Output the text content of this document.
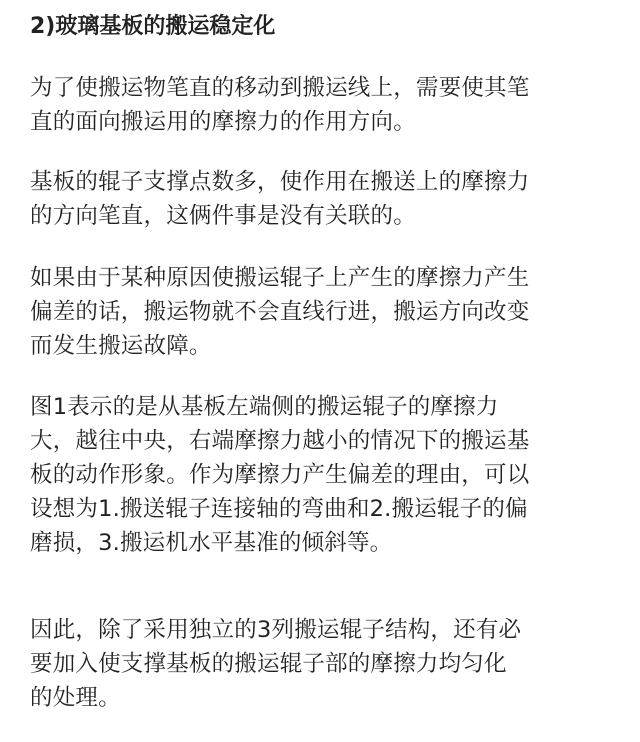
2)玻璃基板的搬运稳定化

为了使搬运物笔直的移动到搬运线上，需要使其笔
直的面向搬运用的摩擦力的作用方向。

基板的辊子支撑点数多，使作用在搬送上的摩擦力
的方向笔直，这俩件事是没有关联的。

如果由于某种原因使搬运辊子上产生的摩擦力产生
偏差的话，搬运物就不会直线行进，搬运方向改变
而发生搬运故障。

图1表示的是从基板左端侧的搬运辊子的摩擦力
大，越往中央，右端摩擦力越小的情况下的搬运基
板的动作形象。作为摩擦力产生偏差的理由，可以
设想为1.搬送辊子连接轴的弯曲和2.搬运辊子的偏
磨损，3.搬运机水平基准的倾斜等。

因此，除了采用独立的3列搬运辊子结构，还有必
要加入使支撑基板的搬运辊子部的摩擦力均匀化
的处理。
